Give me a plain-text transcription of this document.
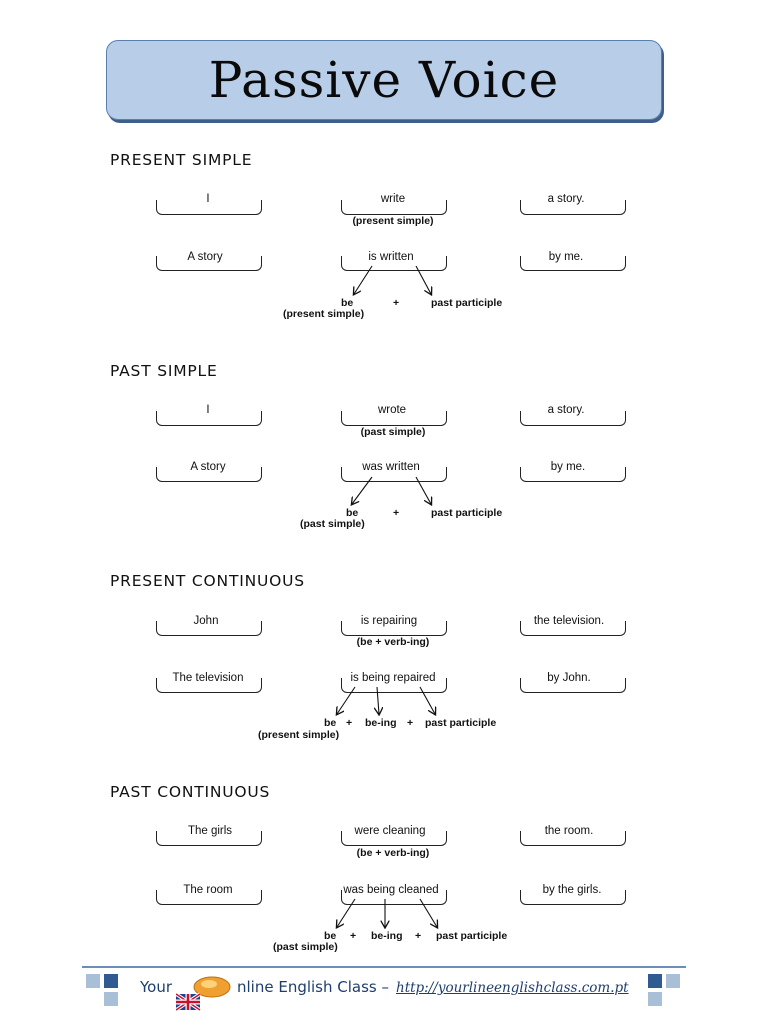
Passive Voice
PRESENT SIMPLE
I	write	a story.
(present simple)
A story	is written	by me.
be	+	past participle
(present simple)
PAST SIMPLE
I	wrote	a story.
(past simple)
A story	was written	by me.
be	+	past participle
(past simple)
PRESENT CONTINUOUS
John	is repairing	the television.
(be + verb-ing)
The television	is being repaired	by John.
be + be-ing + past participle
(present simple)
PAST CONTINUOUS
The girls	were cleaning	the room.
(be + verb-ing)
The room	was being cleaned	by the girls.
be + be-ing + past participle
(past simple)
Your	nline English Class – http://yourlineenglishclass.com.pt
